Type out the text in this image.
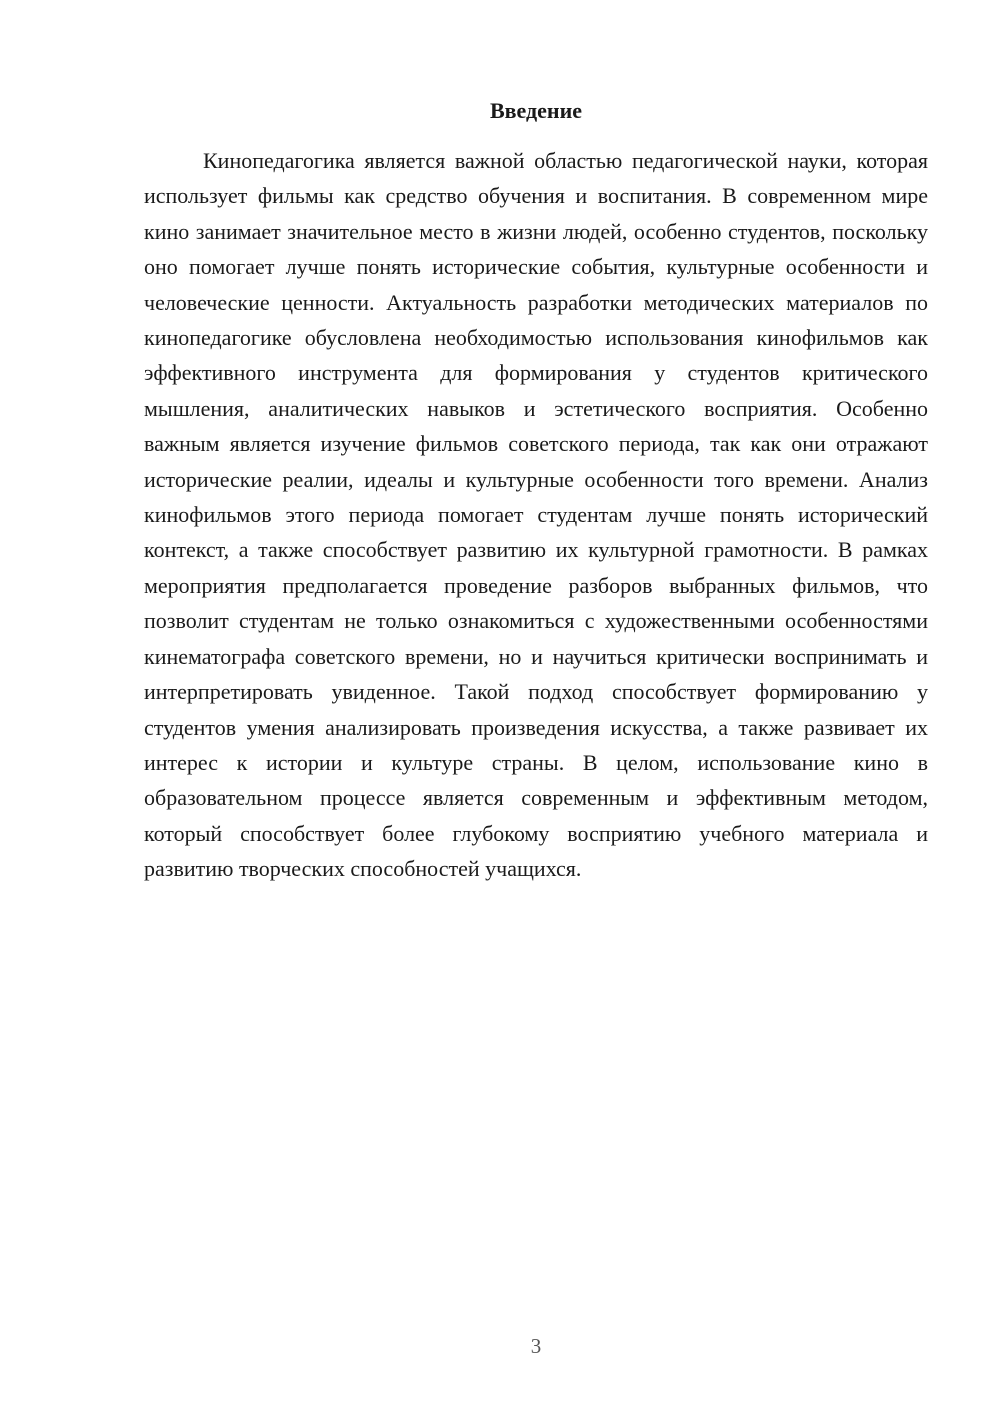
Введение

Кинопедагогика является важной областью педагогической науки, которая использует фильмы как средство обучения и воспитания. В современном мире кино занимает значительное место в жизни людей, особенно студентов, поскольку оно помогает лучше понять исторические события, культурные особенности и человеческие ценности. Актуальность разработки методических материалов по кинопедагогике обусловлена необходимостью использования кинофильмов как эффективного инструмента для формирования у студентов критического мышления, аналитических навыков и эстетического восприятия. Особенно важным является изучение фильмов советского периода, так как они отражают исторические реалии, идеалы и культурные особенности того времени. Анализ кинофильмов этого периода помогает студентам лучше понять исторический контекст, а также способствует развитию их культурной грамотности. В рамках мероприятия предполагается проведение разборов выбранных фильмов, что позволит студентам не только ознакомиться с художественными особенностями кинематографа советского времени, но и научиться критически воспринимать и интерпретировать увиденное. Такой подход способствует формированию у студентов умения анализировать произведения искусства, а также развивает их интерес к истории и культуре страны. В целом, использование кино в образовательном процессе является современным и эффективным методом, который способствует более глубокому восприятию учебного материала и развитию творческих способностей учащихся.

3
